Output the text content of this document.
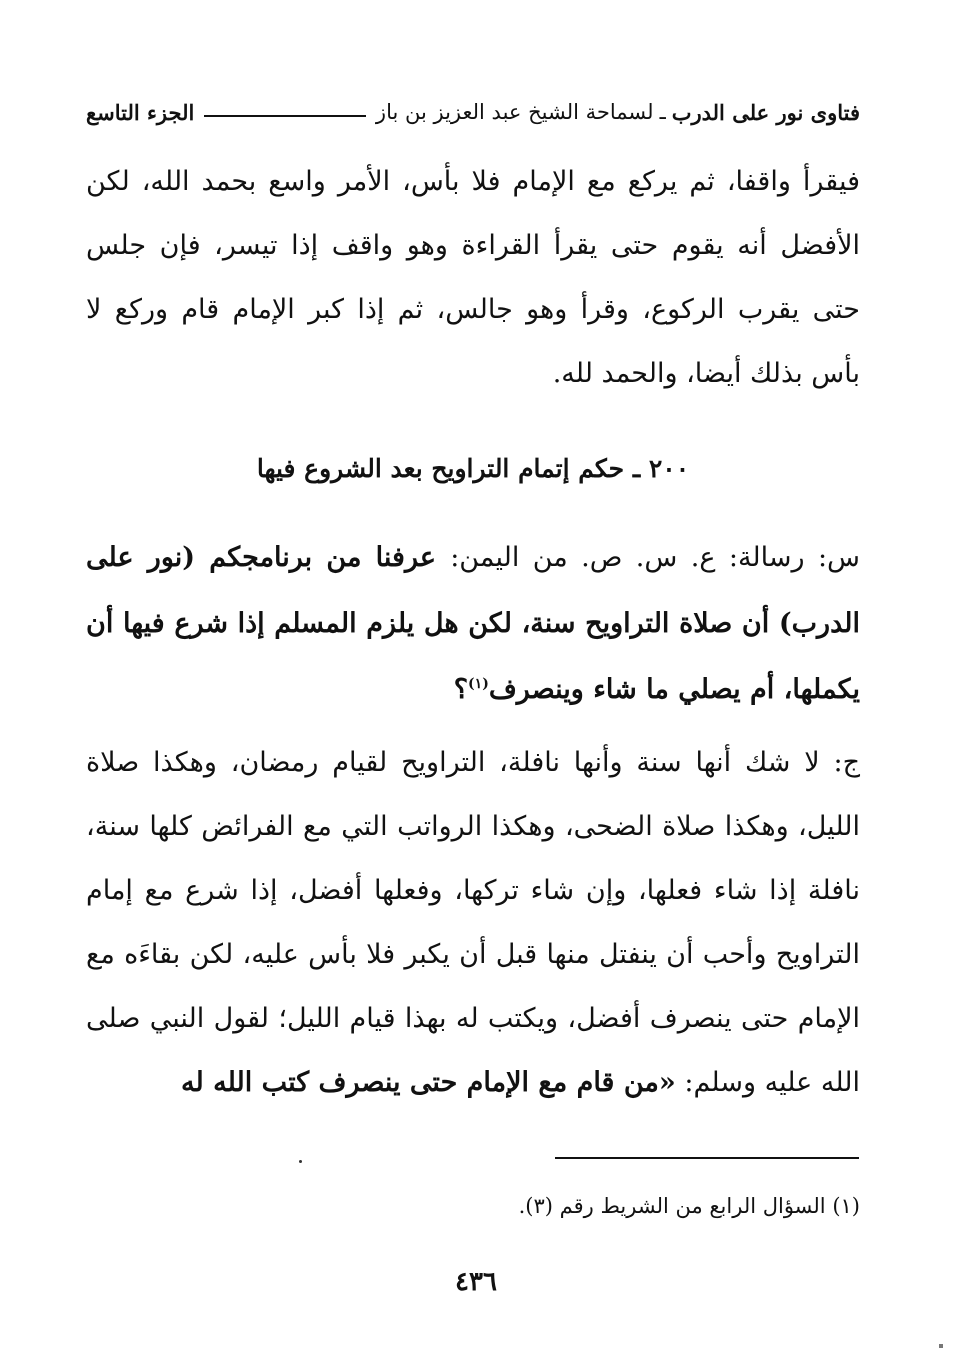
فتاوى نور على الدرب
ـ
لسماحة الشيخ عبد العزيز بن باز
الجزء التاسع
فيقرأ واقفا، ثم يركع مع الإمام فلا بأس، الأمر واسع بحمد الله، لكن الأفضل أنه يقوم حتى يقرأ القراءة وهو واقف إذا تيسر، فإن جلس حتى يقرب الركوع، وقرأ وهو جالس، ثم إذا كبر الإمام قام وركع لا بأس بذلك أيضا، والحمد لله.
٢٠٠ ـ حكم إتمام التراويح بعد الشروع فيها
س: رسالة: ع. س. ص. من اليمن: عرفنا من برنامجكم (نور على الدرب) أن صلاة التراويح سنة، لكن هل يلزم المسلم إذا شرع فيها أن يكملها، أم يصلي ما شاء وينصرف$^{(١)}$؟
ج: لا شك أنها سنة وأنها نافلة، التراويح لقيام رمضان، وهكذا صلاة الليل، وهكذا صلاة الضحى، وهكذا الرواتب التي مع الفرائض كلها سنة، نافلة إذا شاء فعلها، وإن شاء تركها، وفعلها أفضل، إذا شرع مع إمام التراويح وأحب أن ينفتل منها قبل أن يكبر فلا بأس عليه، لكن بقاءَه مع الإمام حتى ينصرف أفضل، ويكتب له بهذا قيام الليل؛ لقول النبي صلى الله عليه وسلم: «من قام مع الإمام حتى ينصرف كتب الله له
(١) السؤال الرابع من الشريط رقم (٣).
٤٣٦
